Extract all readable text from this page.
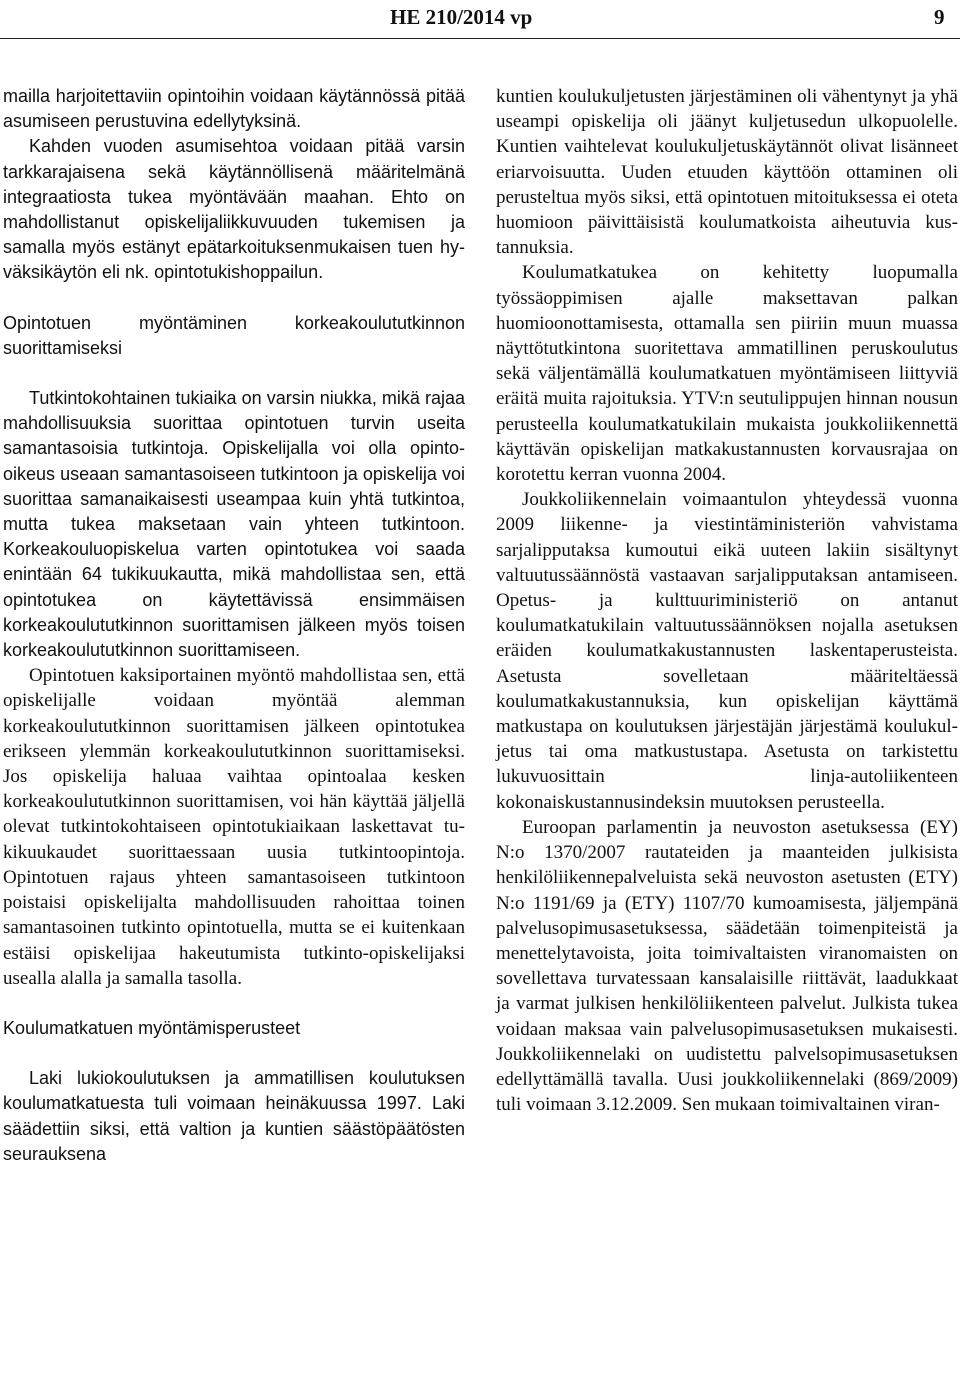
HE 210/2014 vp	9

mailla harjoitettaviin opintoihin voidaan käytännössä pitää asumiseen perustuvina edellytyksinä.

Kahden vuoden asumisehtoa voidaan pitää varsin tarkkarajaisena sekä käytännöllisenä määritelmänä integraatiosta tukea myöntävään maahan. Ehto on mahdollistanut opiskelijaliikkuvuuden tukemisen ja samalla myös estänyt epätarkoituksenmukaisen tuen hyväksikäytön eli nk. opintotukishoppailun.

Opintotuen myöntäminen korkeakoulututkinnon suorittamiseksi

Tutkintokohtainen tukiaika on varsin niukka, mikä rajaa mahdollisuuksia suorittaa opintotuen turvin useita samantasoisia tutkintoja. Opiskelijalla voi olla opinto-oikeus useaan samantasoiseen tutkintoon ja opiskelija voi suorittaa samanaikaisesti useampaa kuin yhtä tutkintoa, mutta tukea maksetaan vain yhteen tutkintoon. Korkeakouluopiskelua varten opintotukea voi saada enintään 64 tukikuukautta, mikä mahdollistaa sen, että opintotukea on käytettävissä ensimmäisen korkeakoulututkinnon suorittamisen jälkeen myös toisen korkeakoulututkinnon suorittamiseen.

Opintotuen kaksiportainen myöntö mahdollistaa sen, että opiskelijalle voidaan myöntää alemman korkeakoulututkinnon suorittamisen jälkeen opintotukea erikseen ylemmän korkeakoulututkinnon suorittamiseksi. Jos opiskelija haluaa vaihtaa opintoalaa kesken korkeakoulututkinnon suorittamisen, voi hän käyttää jäljellä olevat tutkintokohtaiseen opintotukiaikaan laskettavat tukikuukaudet suorittaessaan uusia tutkintoopintoja. Opintotuen rajaus yhteen samantasoiseen tutkintoon poistaisi opiskelijalta mahdollisuuden rahoittaa toinen samantasoinen tutkinto opintotuella, mutta se ei kuitenkaan estäisi opiskelijaa hakeutumista tutkinto-opiskelijaksi usealla alalla ja samalla tasolla.

Koulumatkatuen myöntämisperusteet

Laki lukiokoulutuksen ja ammatillisen koulutuksen koulumatkatuesta tuli voimaan heinäkuussa 1997. Laki säädettiin siksi, että valtion ja kuntien säästöpäätösten seurauksena

kuntien koulukuljetusten järjestäminen oli vähentynyt ja yhä useampi opiskelija oli jäänyt kuljetusedun ulkopuolelle. Kuntien vaihtelevat koulukuljetuskäytännöt olivat lisänneet eriarvoisuutta. Uuden etuuden käyttöön ottaminen oli perusteltua myös siksi, että opintotuen mitoituksessa ei oteta huomioon päivittäisistä koulumatkoista aiheutuvia kustannuksia.

Koulumatkatukea on kehitetty luopumalla työssäoppimisen ajalle maksettavan palkan huomioonottamisesta, ottamalla sen piiriin muun muassa näyttötutkintona suoritettava ammatillinen peruskoulutus sekä väljentämällä koulumatkatuen myöntämiseen liittyviä eräitä muita rajoituksia. YTV:n seutulippujen hinnan nousun perusteella koulumatkatukilain mukaista joukkoliikennettä käyttävän opiskelijan matkakustannusten korvausrajaa on korotettu kerran vuonna 2004.

Joukkoliikennelain voimaantulon yhteydessä vuonna 2009 liikenne- ja viestintäministeriön vahvistama sarjalipputaksa kumoutui eikä uuteen lakiin sisältynyt valtuutussäännöstä vastaavan sarjalipputaksan antamiseen. Opetus- ja kulttuuriministeriö on antanut koulumatkatukilain valtuutussäännöksen nojalla asetuksen eräiden koulumatkakustannusten laskentaperusteista. Asetusta sovelletaan määriteltäessä koulumatkakustannuksia, kun opiskelijan käyttämä matkustapa on koulutuksen järjestäjän järjestämä koulukuljetus tai oma matkustustapa. Asetusta on tarkistettu lukuvuosittain linja-autoliikenteen kokonaiskustannusindeksin muutoksen perusteella.

Euroopan parlamentin ja neuvoston asetuksessa (EY) N:o 1370/2007 rautateiden ja maanteiden julkisista henkilöliikennepalveluista sekä neuvoston asetusten (ETY) N:o 1191/69 ja (ETY) 1107/70 kumoamisesta, jäljempänä palvelusopimusasetuksessa, säädetään toimenpiteistä ja menettelytavoista, joita toimivaltaisten viranomaisten on sovellettava turvatessaan kansalaisille riittävät, laadukkaat ja varmat julkisen henkilöliikenteen palvelut. Julkista tukea voidaan maksaa vain palvelusopimusasetuksen mukaisesti. Joukkoliikennelaki on uudistettu palvelsopimusasetuksen edellyttämällä tavalla. Uusi joukkoliikennelaki (869/2009) tuli voimaan 3.12.2009. Sen mukaan toimivaltainen viran-
